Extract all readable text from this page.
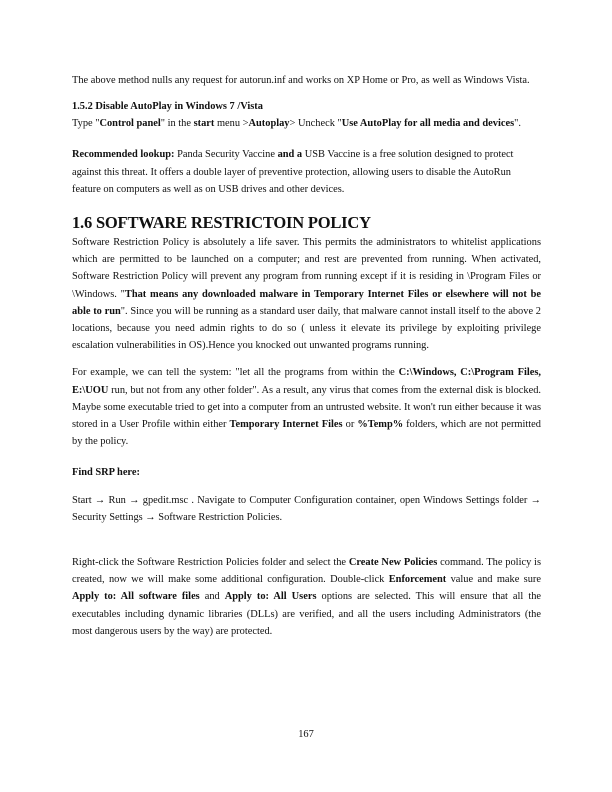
The above method nulls any request for autorun.inf and works on XP Home or Pro, as well as Windows Vista.

1.5.2 Disable AutoPlay in Windows 7 /Vista

Type "Control panel" in the start menu >Autoplay> Uncheck "Use AutoPlay for all media and devices".

Recommended lookup: Panda Security Vaccine and a USB Vaccine is a free solution designed to protect against this threat. It offers a double layer of preventive protection, allowing users to disable the AutoRun feature on computers as well as on USB drives and other devices.

1.6 SOFTWARE RESTRICTOIN POLICY

Software Restriction Policy is absolutely a life saver. This permits the administrators to whitelist applications which are permitted to be launched on a computer; and rest are prevented from running. When activated, Software Restriction Policy will prevent any program from running except if it is residing in \Program Files or \Windows. "That means any downloaded malware in Temporary Internet Files or elsewhere will not be able to run". Since you will be running as a standard user daily, that malware cannot install itself to the above 2 locations, because you need admin rights to do so ( unless it elevate its privilege by exploiting privilege escalation vulnerabilities in OS).Hence you knocked out unwanted programs running.

For example, we can tell the system: "let all the programs from within the C:\Windows, C:\Program Files, E:\UOU run, but not from any other folder". As a result, any virus that comes from the external disk is blocked. Maybe some executable tried to get into a computer from an untrusted website. It won't run either because it was stored in a User Profile within either Temporary Internet Files or %Temp% folders, which are not permitted by the policy.

Find SRP here:

Start → Run → gpedit.msc . Navigate to Computer Configuration container, open Windows Settings folder → Security Settings → Software Restriction Policies.

Right-click the Software Restriction Policies folder and select the Create New Policies command. The policy is created, now we will make some additional configuration. Double-click Enforcement value and make sure Apply to: All software files and Apply to: All Users options are selected. This will ensure that all the executables including dynamic libraries (DLLs) are verified, and all the users including Administrators (the most dangerous users by the way) are protected.

167
